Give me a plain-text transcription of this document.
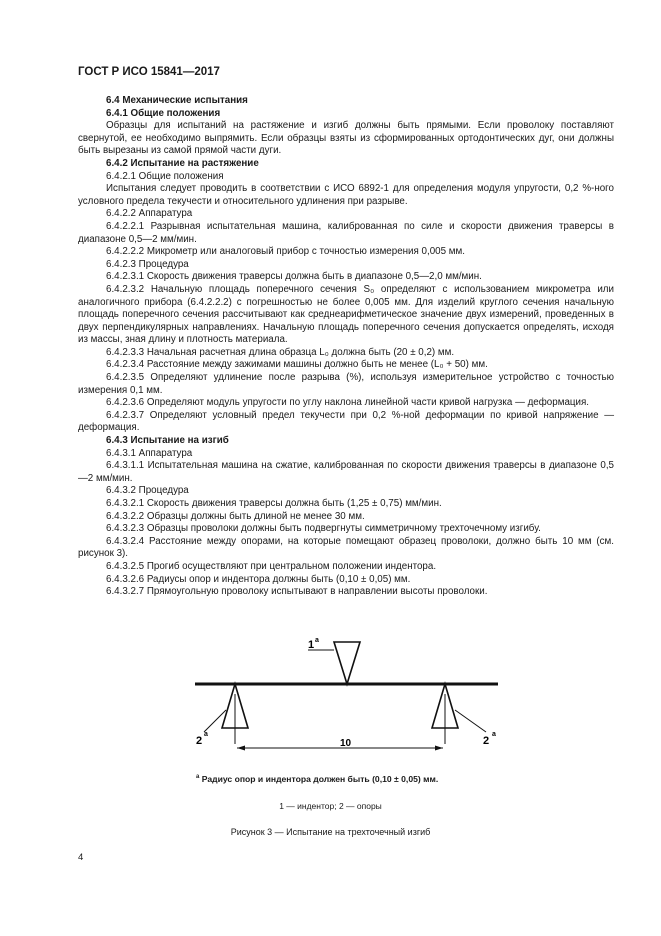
ГОСТ Р ИСО 15841—2017

6.4 Механические испытания

6.4.1 Общие положения

Образцы для испытаний на растяжение и изгиб должны быть прямыми. Если проволоку поставляют свернутой, ее необходимо выпрямить. Если образцы взяты из сформированных ортодонтических дуг, они должны быть вырезаны из самой прямой части дуги.

6.4.2 Испытание на растяжение

6.4.2.1 Общие положения

Испытания следует проводить в соответствии с ИСО 6892-1 для определения модуля упругости, 0,2 %-ного условного предела текучести и относительного удлинения при разрыве.

6.4.2.2 Аппаратура

6.4.2.2.1 Разрывная испытательная машина, калиброванная по силе и скорости движения траверсы в диапазоне 0,5—2 мм/мин.

6.4.2.2.2 Микрометр или аналоговый прибор с точностью измерения 0,005 мм.

6.4.2.3 Процедура

6.4.2.3.1 Скорость движения траверсы должна быть в диапазоне 0,5—2,0 мм/мин.

6.4.2.3.2 Начальную площадь поперечного сечения S₀ определяют с использованием микрометра или аналогичного прибора (6.4.2.2.2) с погрешностью не более 0,005 мм. Для изделий круглого сечения начальную площадь поперечного сечения рассчитывают как среднеарифметическое значение двух измерений, проведенных в двух перпендикулярных направлениях. Начальную площадь поперечного сечения допускается определять, исходя из массы, зная длину и плотность материала.

6.4.2.3.3 Начальная расчетная длина образца L₀ должна быть (20 ± 0,2) мм.

6.4.2.3.4 Расстояние между зажимами машины должно быть не менее (L₀ + 50) мм.

6.4.2.3.5 Определяют удлинение после разрыва (%), используя измерительное устройство с точностью измерения 0,1 мм.

6.4.2.3.6 Определяют модуль упругости по углу наклона линейной части кривой нагрузка — деформация.

6.4.2.3.7 Определяют условный предел текучести при 0,2 %-ной деформации по кривой напряжение — деформация.

6.4.3 Испытание на изгиб

6.4.3.1 Аппаратура

6.4.3.1.1 Испытательная машина на сжатие, калиброванная по скорости движения траверсы в диапазоне 0,5—2 мм/мин.

6.4.3.2 Процедура

6.4.3.2.1 Скорость движения траверсы должна быть (1,25 ± 0,75) мм/мин.

6.4.3.2.2 Образцы должны быть длиной не менее 30 мм.

6.4.3.2.3 Образцы проволоки должны быть подвергнуты симметричному трехточечному изгибу.

6.4.3.2.4 Расстояние между опорами, на которые помещают образец проволоки, должно быть 10 мм (см. рисунок 3).

6.4.3.2.5 Прогиб осуществляют при центральном положении индентора.

6.4.3.2.6 Радиусы опор и индентора должны быть (0,10 ± 0,05) мм.

6.4.3.2.7 Прямоугольную проволоку испытывают в направлении высоты проволоки.

1 a
2
a
2
a
10
$^a$ Радиус опор и индентора должен быть (0,10 ± 0,05) мм.
1 — индентор; 2 — опоры
Рисунок 3 — Испытание на трехточечный изгиб
4
